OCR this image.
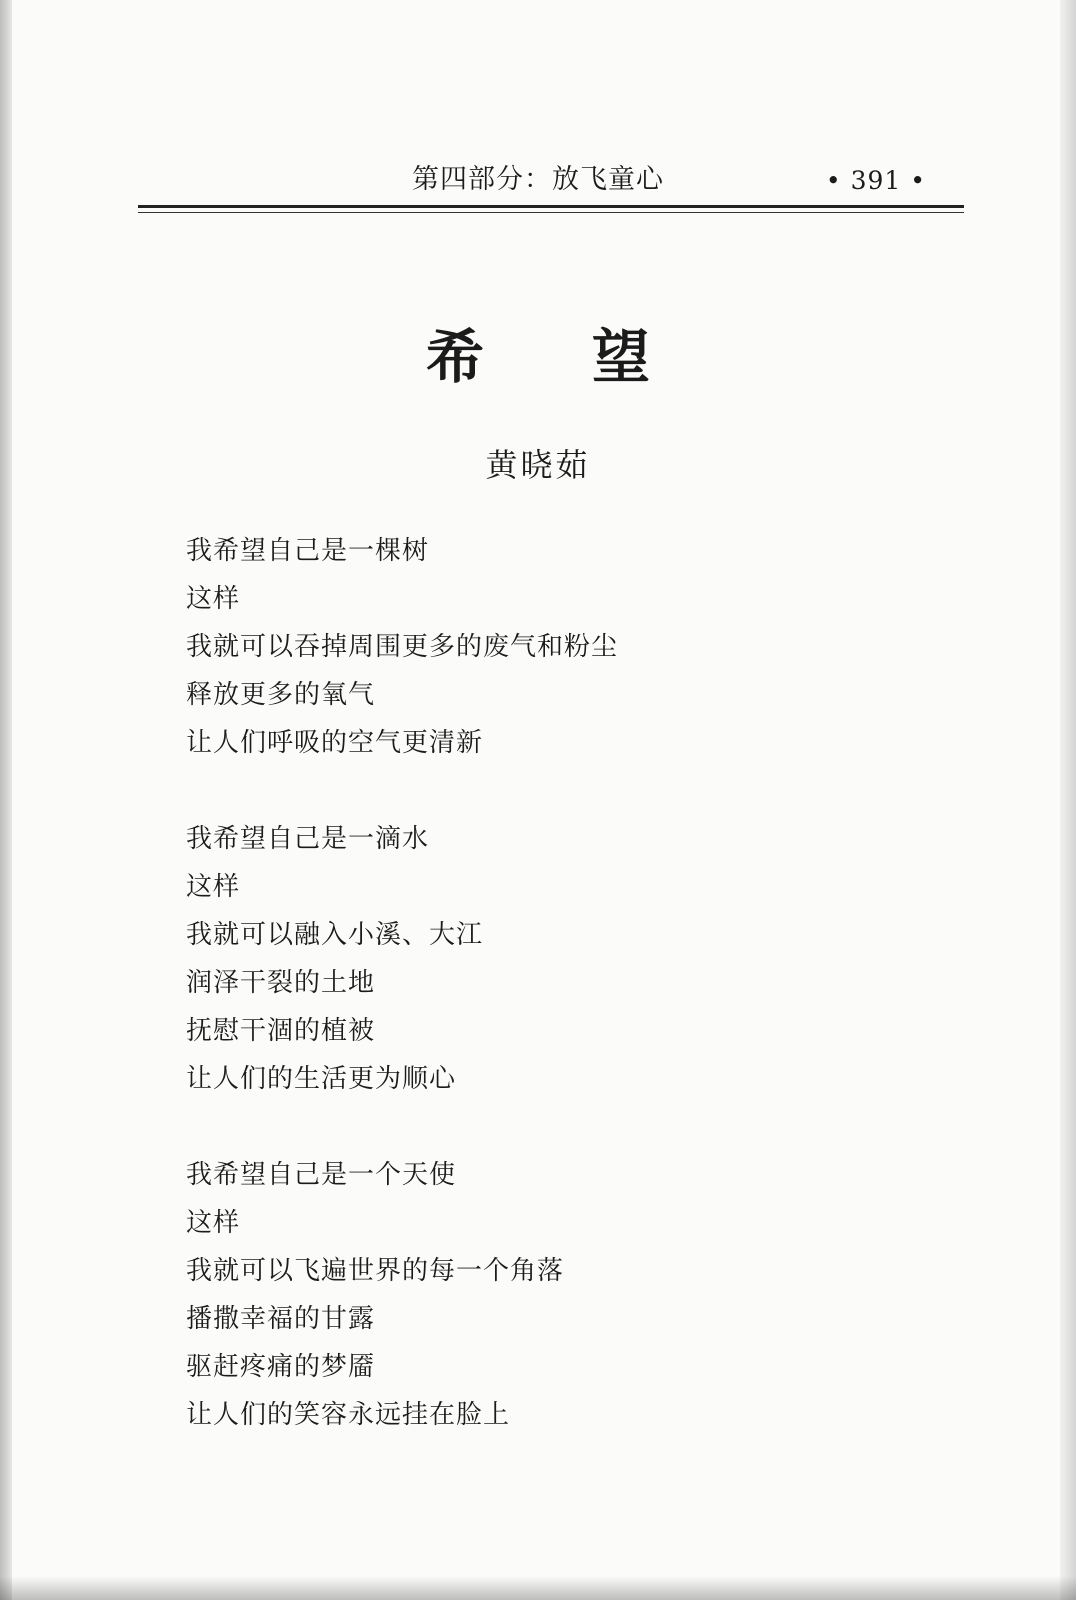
第四部分：放飞童心	• 391 •
希望
黄晓茹
我希望自己是一棵树
这样
我就可以吞掉周围更多的废气和粉尘
释放更多的氧气
让人们呼吸的空气更清新
我希望自己是一滴水
这样
我就可以融入小溪、大江
润泽干裂的土地
抚慰干涸的植被
让人们的生活更为顺心
我希望自己是一个天使
这样
我就可以飞遍世界的每一个角落
播撒幸福的甘露
驱赶疼痛的梦靥
让人们的笑容永远挂在脸上
